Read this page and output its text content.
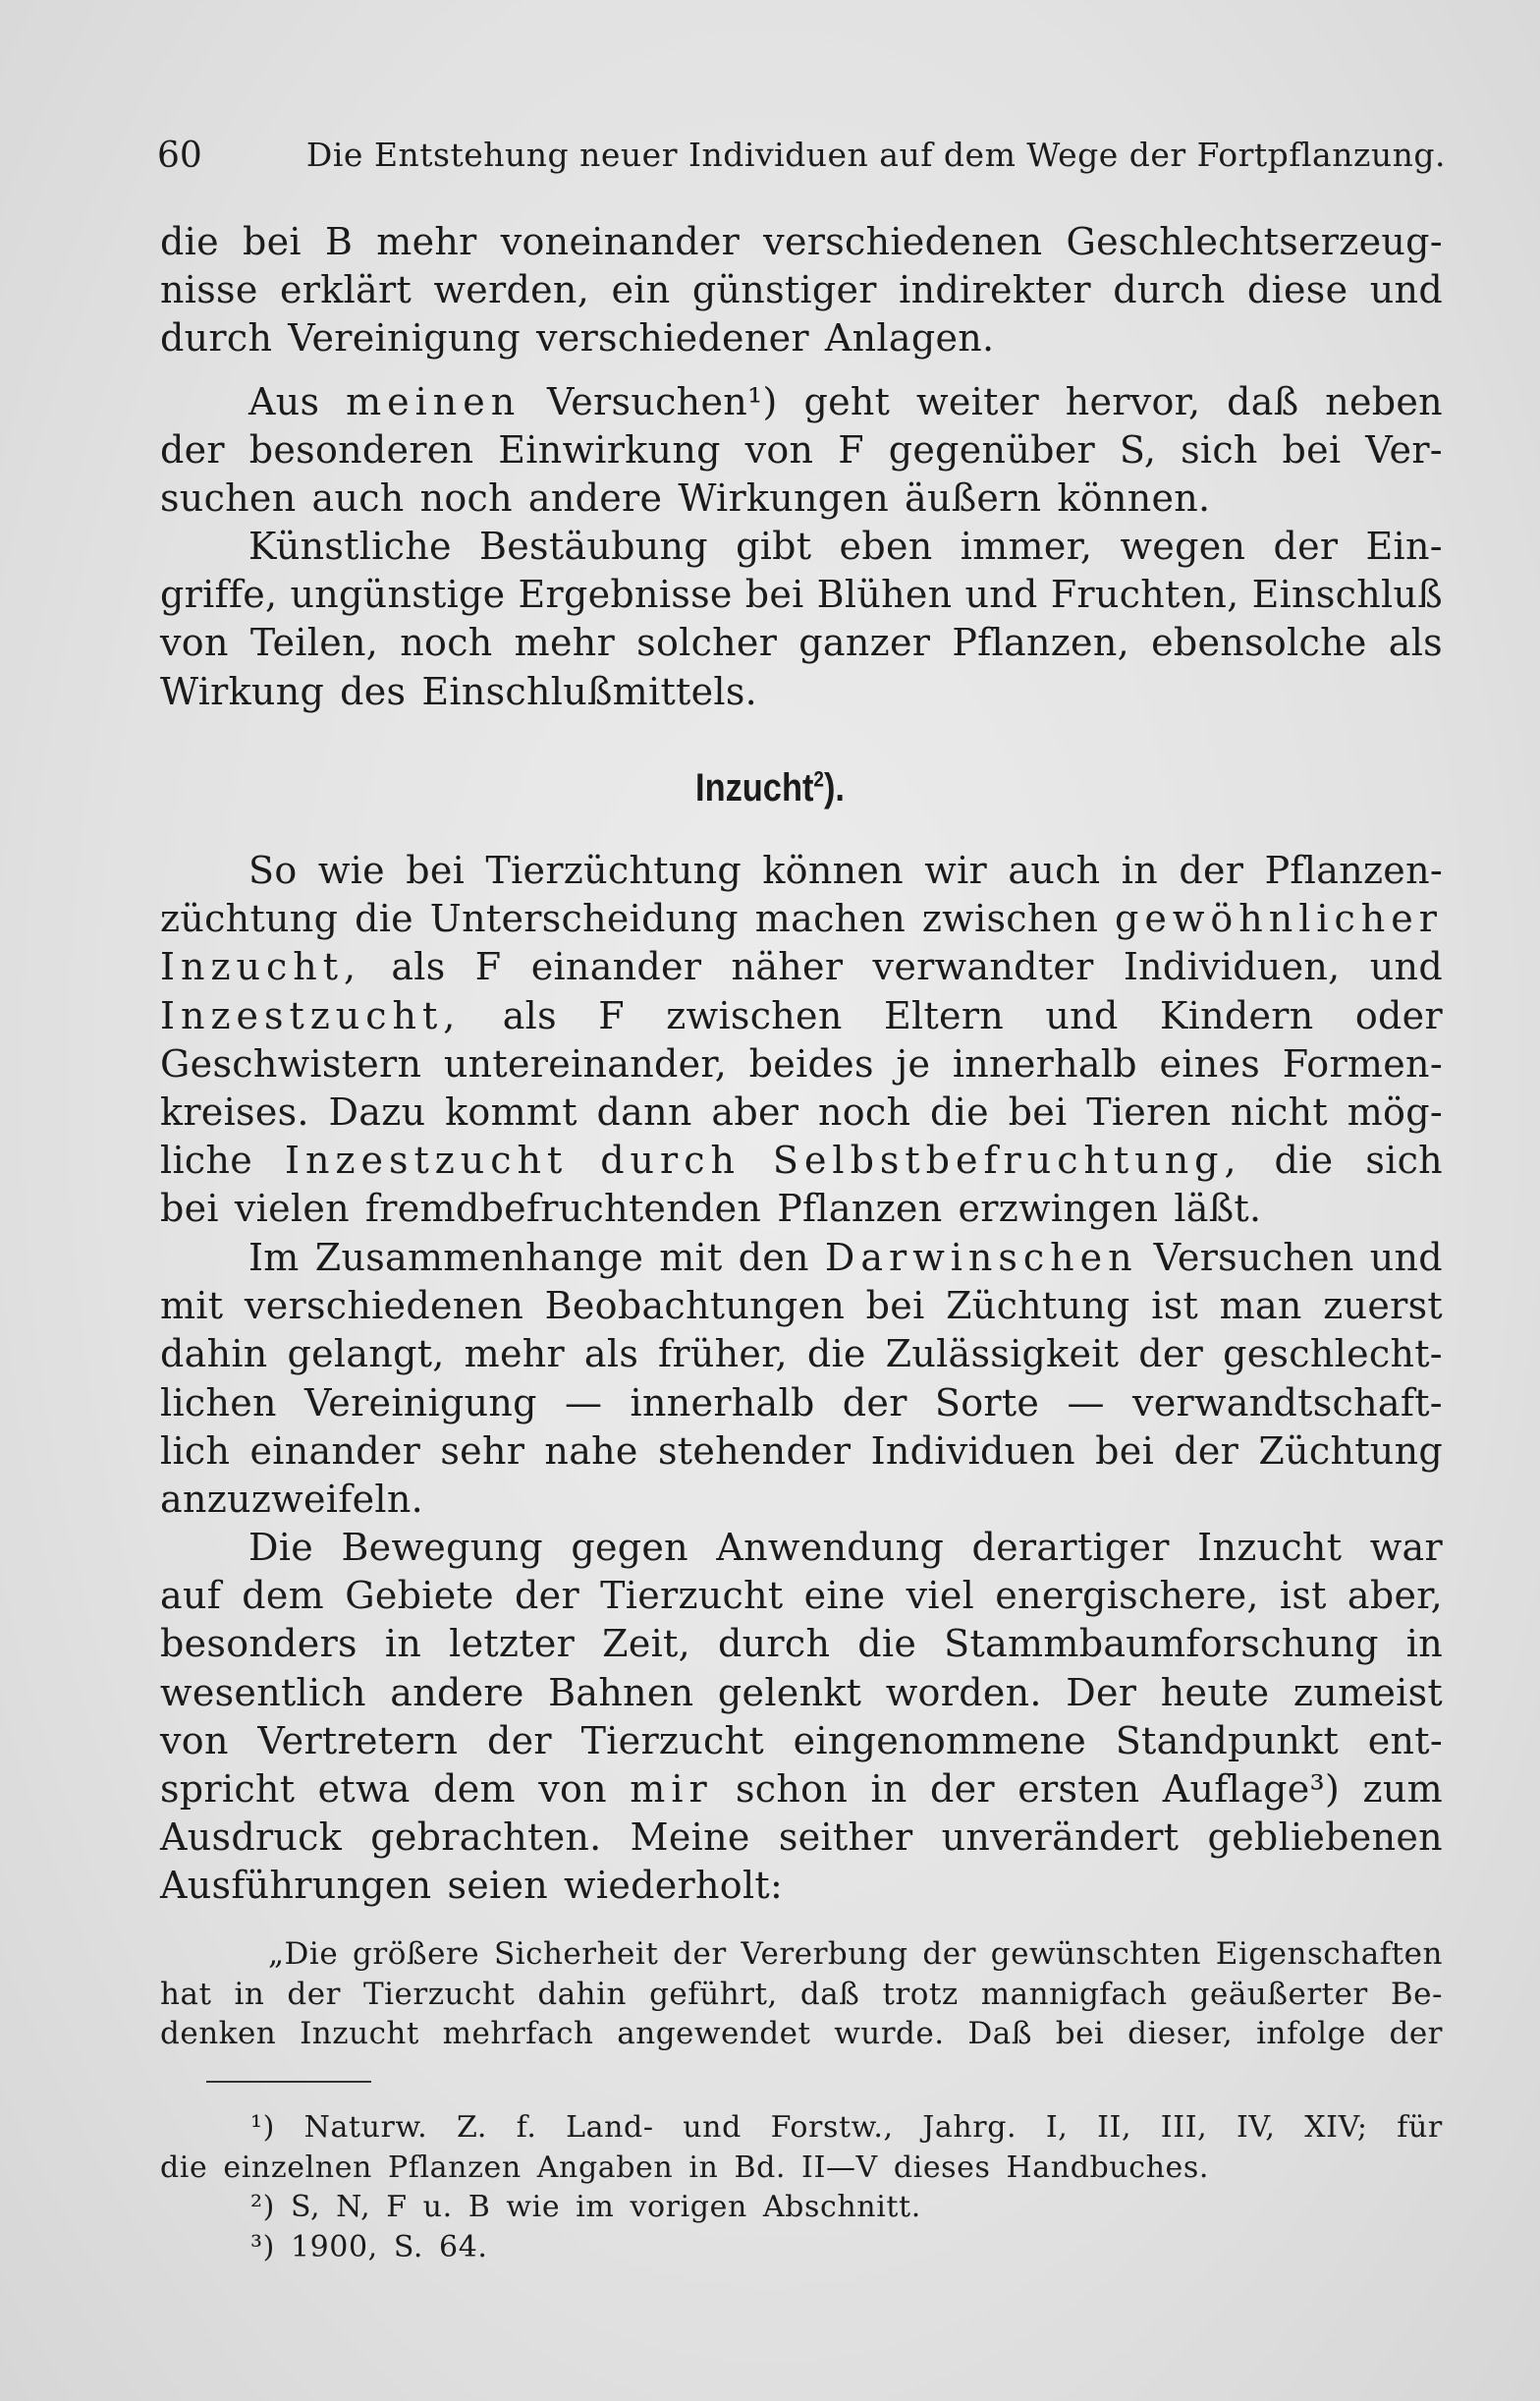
60	Die Entstehung neuer Individuen auf dem Wege der Fortpflanzung.
die bei B mehr voneinander verschiedenen Geschlechtserzeug-
nisse erklärt werden, ein günstiger indirekter durch diese und
durch Vereinigung verschiedener Anlagen.
Aus meinen Versuchen¹) geht weiter hervor, daß neben
der besonderen Einwirkung von F gegenüber S, sich bei Ver-
suchen auch noch andere Wirkungen äußern können.
Künstliche Bestäubung gibt eben immer, wegen der Ein-
griffe, ungünstige Ergebnisse bei Blühen und Fruchten, Einschluß
von Teilen, noch mehr solcher ganzer Pflanzen, ebensolche als
Wirkung des Einschlußmittels.
Inzucht$^2$).
So wie bei Tierzüchtung können wir auch in der Pflanzen-
züchtung die Unterscheidung machen zwischen gewöhnlicher
Inzucht, als F einander näher verwandter Individuen, und
Inzestzucht, als F zwischen Eltern und Kindern oder
Geschwistern untereinander, beides je innerhalb eines Formen-
kreises. Dazu kommt dann aber noch die bei Tieren nicht mög-
liche Inzestzucht durch Selbstbefruchtung, die sich
bei vielen fremdbefruchtenden Pflanzen erzwingen läßt.
Im Zusammenhange mit den Darwinschen Versuchen und
mit verschiedenen Beobachtungen bei Züchtung ist man zuerst
dahin gelangt, mehr als früher, die Zulässigkeit der geschlecht-
lichen Vereinigung — innerhalb der Sorte — verwandtschaft-
lich einander sehr nahe stehender Individuen bei der Züchtung
anzuzweifeln.
Die Bewegung gegen Anwendung derartiger Inzucht war
auf dem Gebiete der Tierzucht eine viel energischere, ist aber,
besonders in letzter Zeit, durch die Stammbaumforschung in
wesentlich andere Bahnen gelenkt worden. Der heute zumeist
von Vertretern der Tierzucht eingenommene Standpunkt ent-
spricht etwa dem von mir schon in der ersten Auflage³) zum
Ausdruck gebrachten. Meine seither unverändert gebliebenen
Ausführungen seien wiederholt:
„Die größere Sicherheit der Vererbung der gewünschten Eigenschaften
hat in der Tierzucht dahin geführt, daß trotz mannigfach geäußerter Be-
denken Inzucht mehrfach angewendet wurde. Daß bei dieser, infolge der
¹) Naturw. Z. f. Land- und Forstw., Jahrg. I, II, III, IV, XIV; für
die einzelnen Pflanzen Angaben in Bd. II—V dieses Handbuches.
²) S, N, F u. B wie im vorigen Abschnitt.
³) 1900, S. 64.
